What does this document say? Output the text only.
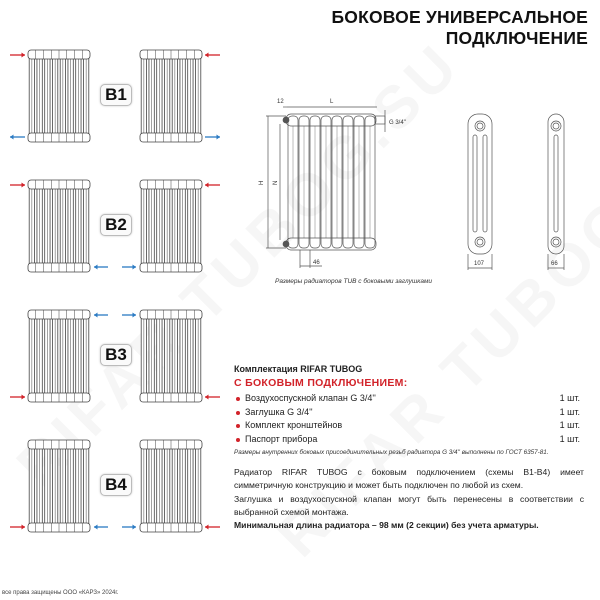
БОКОВОЕ УНИВЕРСАЛЬНОЕ
ПОДКЛЮЧЕНИЕ
B1
B2
B3
B4
12	L
G 3/4''
H N
46	107	66
Размеры радиаторов TUB с боковыми заглушками
Комплектация RIFAR TUBOG
С БОКОВЫМ ПОДКЛЮЧЕНИЕМ:
Воздухоспускной клапан G 3/4''	1 шт.
Заглушка G 3/4''	1 шт.
Комплект кронштейнов	1 шт.
Паспорт прибора	1 шт.
Размеры внутренних боковых присоединительных резьб радиатора G 3/4'' выполнены по ГОСТ 6357-81.

Радиатор RIFAR TUBOG с боковым подключением (схемы B1-B4) имеет симметричную конструкцию и может быть подключен по любой из схем.

Заглушка и воздухоспускной клапан могут быть перенесены в соответствии с выбранной схемой монтажа.

Минимальная длина радиатора – 98 мм (2 секции) без учета арматуры.

все права защищены ООО «КАРЗ» 2024г.
